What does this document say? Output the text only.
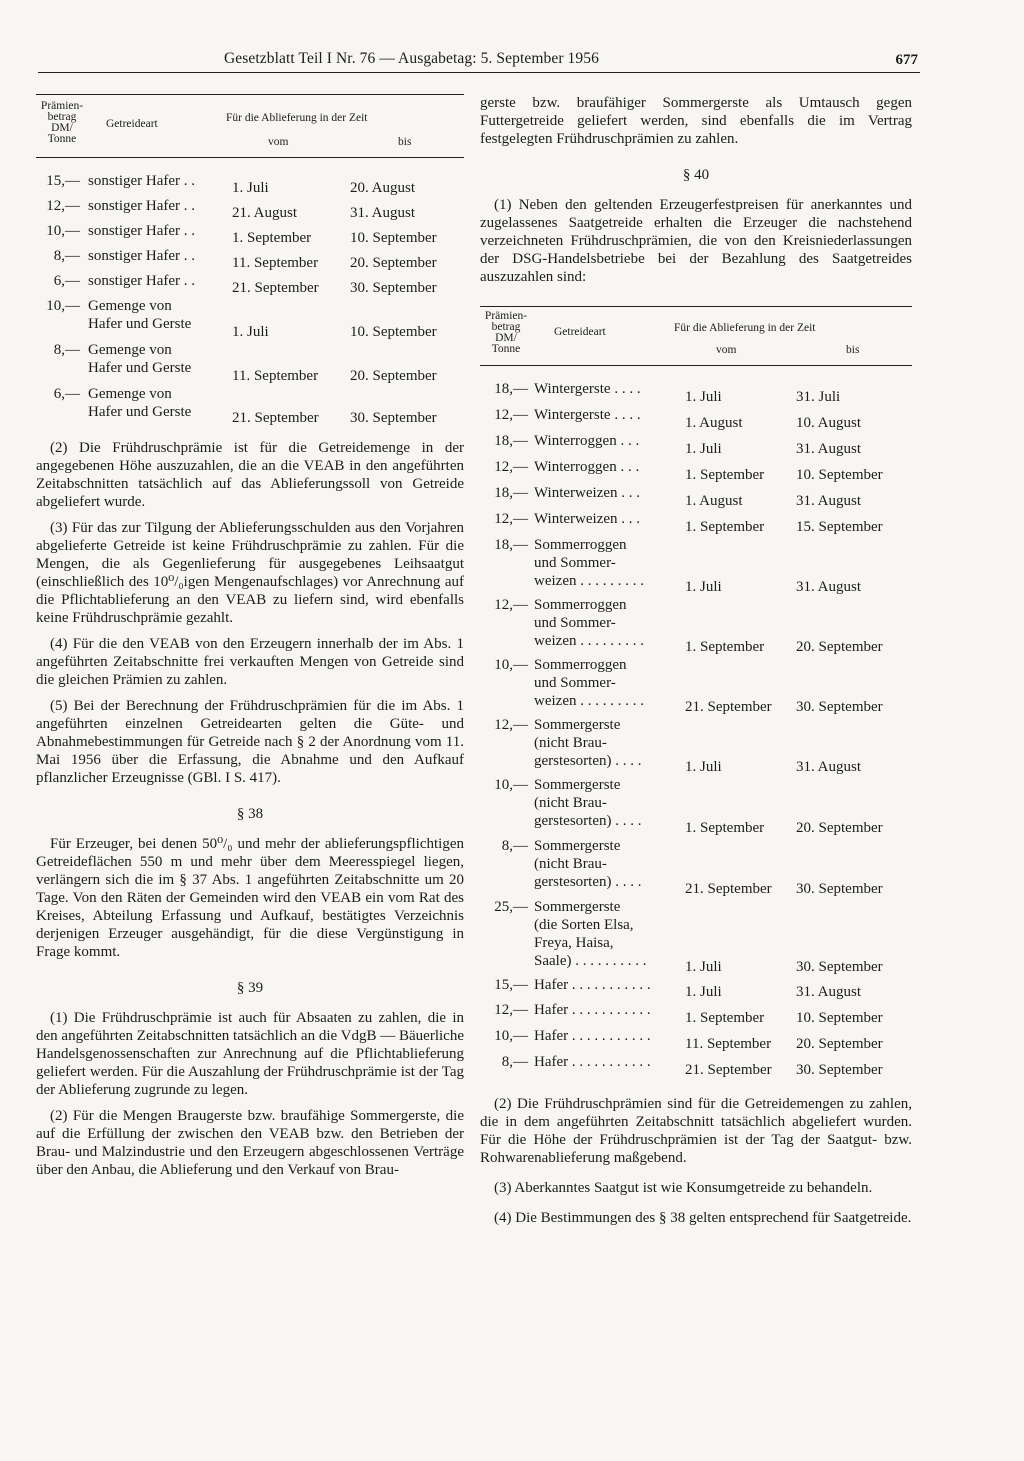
Gesetzblatt Teil I Nr. 76 — Ausgabetag: 5. September 1956	677
Prämien-
betrag
DM/
Tonne
Getreideart	Für die Ablieferung in der Zeit
vom	bis
15,— sonstiger Hafer . .	1. Juli	20. August
12,— sonstiger Hafer . .	21. August	31. August
10,— sonstiger Hafer . .	1. September	10. September
8,— sonstiger Hafer . .	11. September 20. September
6,— sonstiger Hafer . .	21. September 30. September
10,— Gemenge von
Hafer und Gerste	1. Juli	10. September
8,— Gemenge von
Hafer und Gerste	11. September 20. September
6,— Gemenge von
Hafer und Gerste	21. September 30. September

(2) Die Frühdruschprämie ist für die Getreidemenge in der angegebenen Höhe auszuzahlen, die an die VEAB in den angeführten Zeitabschnitten tatsächlich auf das Ablieferungssoll von Getreide abgeliefert wurde.

(3) Für das zur Tilgung der Ablieferungsschulden aus den Vorjahren abgelieferte Getreide ist keine Frühdruschprämie zu zahlen. Für die Mengen, die als Gegenlieferung für ausgegebenes Leihsaatgut (einschließlich des 10⁰/₀igen Mengenaufschlages) vor Anrechnung auf die Pflichtablieferung an den VEAB zu liefern sind, wird ebenfalls keine Frühdruschprämie gezahlt.

(4) Für die den VEAB von den Erzeugern innerhalb der im Abs. 1 angeführten Zeitabschnitte frei verkauften Mengen von Getreide sind die gleichen Prämien zu zahlen.

(5) Bei der Berechnung der Frühdruschprämien für die im Abs. 1 angeführten einzelnen Getreidearten gelten die Güte- und Abnahmebestimmungen für Getreide nach § 2 der Anordnung vom 11. Mai 1956 über die Erfassung, die Abnahme und den Aufkauf pflanzlicher Erzeugnisse (GBl. I S. 417).

§ 38

Für Erzeuger, bei denen 50⁰/₀ und mehr der ablieferungspflichtigen Getreideflächen 550 m und mehr über dem Meeresspiegel liegen, verlängern sich die im § 37 Abs. 1 angeführten Zeitabschnitte um 20 Tage. Von den Räten der Gemeinden wird den VEAB ein vom Rat des Kreises, Abteilung Erfassung und Aufkauf, bestätigtes Verzeichnis derjenigen Erzeuger ausgehändigt, für die diese Vergünstigung in Frage kommt.

§ 39

(1) Die Frühdruschprämie ist auch für Absaaten zu zahlen, die in den angeführten Zeitabschnitten tatsächlich an die VdgB — Bäuerliche Handelsgenossenschaften zur Anrechnung auf die Pflichtablieferung geliefert werden. Für die Auszahlung der Frühdruschprämie ist der Tag der Ablieferung zugrunde zu legen.

(2) Für die Mengen Braugerste bzw. braufähige Sommergerste, die auf die Erfüllung der zwischen den VEAB bzw. den Betrieben der Brau- und Malzindustrie und den Erzeugern abgeschlossenen Verträge über den Anbau, die Ablieferung und den Verkauf von Brau-

gerste bzw. braufähiger Sommergerste als Umtausch gegen Futtergetreide geliefert werden, sind ebenfalls die im Vertrag festgelegten Frühdruschprämien zu zahlen.

§ 40

(1) Neben den geltenden Erzeugerfestpreisen für anerkanntes und zugelassenes Saatgetreide erhalten die Erzeuger die nachstehend verzeichneten Frühdruschprämien, die von den Kreisniederlassungen der DSG-Handelsbetriebe bei der Bezahlung des Saatgetreides auszuzahlen sind:

Prämien-
betrag
DM/
Tonne
Getreideart	Für die Ablieferung in der Zeit
vom	bis
18,— Wintergerste . . . .	1. Juli	31. Juli
12,— Wintergerste . . . .	1. August	10. August
18,— Winterroggen . . .	1. Juli	31. August
12,— Winterroggen . . .	1. September 10. September
18,— Winterweizen . . .	1. August	31. August
12,— Winterweizen . . .	1. September 15. September
18,— Sommerroggen
und Sommer-
weizen . . . . . . . . .	1. Juli	31. August
12,— Sommerroggen
und Sommer-
weizen . . . . . . . . .	1. September 20. September
10,— Sommerroggen
und Sommer-
weizen . . . . . . . . .	21. September 30. September
12,— Sommergerste
(nicht Brau-
gerstesorten) . . . .	1. Juli	31. August
10,— Sommergerste
(nicht Brau-
gerstesorten) . . . .	1. September 20. September
8,— Sommergerste
(nicht Brau-
gerstesorten) . . . .	21. September 30. September
25,— Sommergerste
(die Sorten Elsa,
Freya, Haisa,
Saale) . . . . . . . . . .	1. Juli	30. September
15,— Hafer . . . . . . . . . . .	1. Juli	31. August
12,— Hafer . . . . . . . . . . .	1. September 10. September
10,— Hafer . . . . . . . . . . .	11. September 20. September
8,— Hafer . . . . . . . . . . .	21. September 30. September

(2) Die Frühdruschprämien sind für die Getreidemengen zu zahlen, die in dem angeführten Zeitabschnitt tatsächlich abgeliefert wurden. Für die Höhe der Frühdruschprämien ist der Tag der Saatgut- bzw. Rohwarenablieferung maßgebend.

(3) Aberkanntes Saatgut ist wie Konsumgetreide zu behandeln.

(4) Die Bestimmungen des § 38 gelten entsprechend für Saatgetreide.
